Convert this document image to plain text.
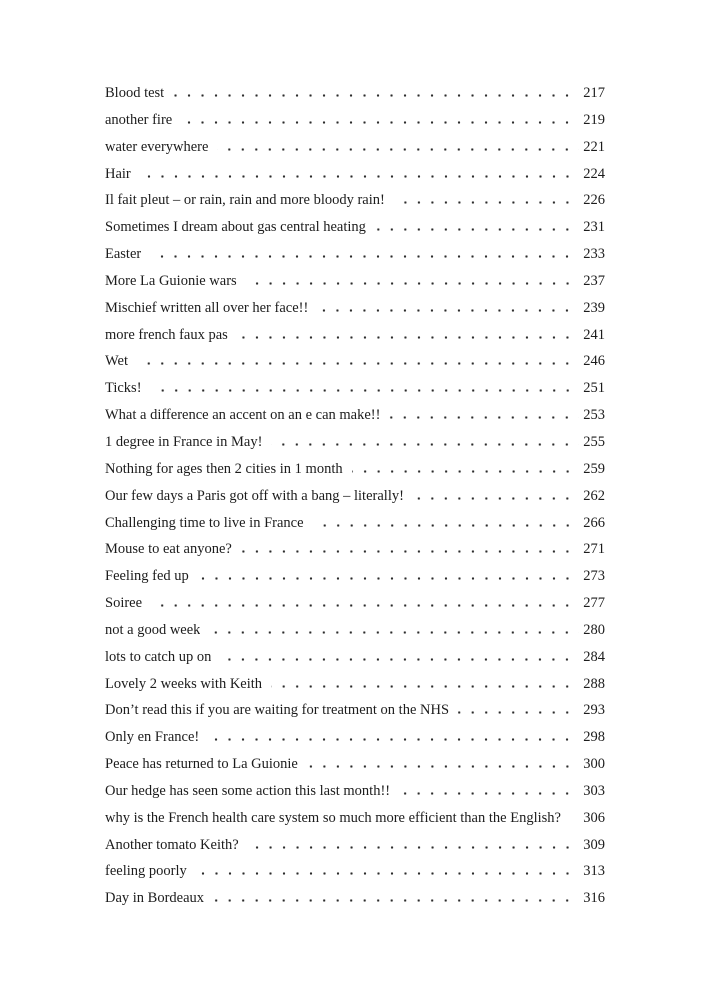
Blood test	217
another fire	219
water everywhere	221
Hair	224
Il fait pleut – or rain, rain and more bloody rain!	226
Sometimes I dream about gas central heating	231
Easter	233
More La Guionie wars	237
Mischief written all over her face!!	239
more french faux pas	241
Wet	246
Ticks!	251
What a difference an accent on an e can make!!	253
1 degree in France in May!	255
Nothing for ages then 2 cities in 1 month	259
Our few days a Paris got off with a bang – literally!	262
Challenging time to live in France	266
Mouse to eat anyone?	271
Feeling fed up	273
Soiree	277
not a good week	280
lots to catch up on	284
Lovely 2 weeks with Keith	288
Don’t read this if you are waiting for treatment on the NHS	293
Only en France!	298
Peace has returned to La Guionie	300
Our hedge has seen some action this last month!!	303
why is the French health care system so much more efficient than the English? 306
Another tomato Keith?	309
feeling poorly	313
Day in Bordeaux	316
